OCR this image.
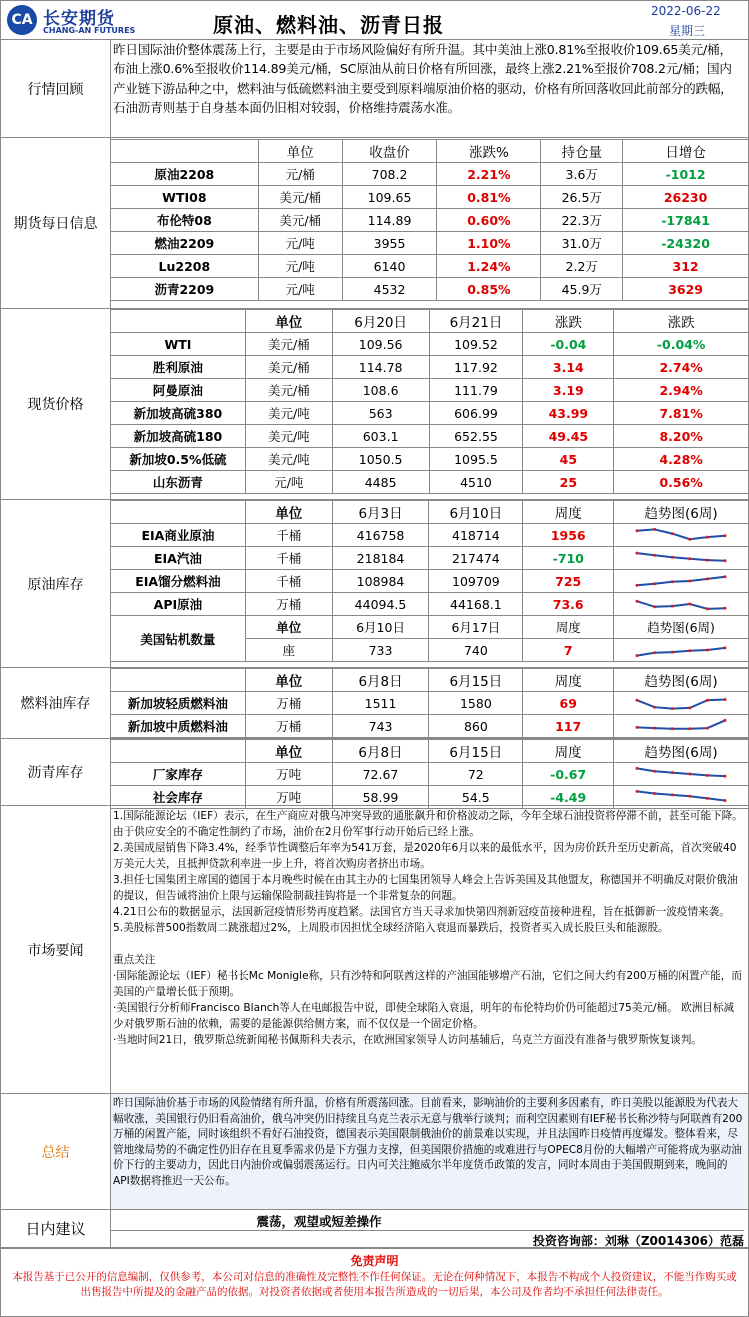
CA 长安期货
CHANG-AN FUTURES	原油、燃料油、沥青日报
2022-06-22
星期三
行情回顾
昨日国际油价整体震荡上行，主要是由于市场风险偏好有所升温。其中美油上涨0.81%至报收价109.65美元/桶，布油上涨0.6%至报收价114.89美元/桶，SC原油从前日价格有所回涨，最终上涨2.21%至报价708.2元/桶；国内产业链下游品种之中，燃料油与低硫燃料油主要受到原料端原油价格的驱动，价格有所回落收回此前部分的跌幅，石油沥青则基于自身基本面仍旧相对较弱，价格维持震荡水准。
期货每日信息
	单位	收盘价	涨跌%	持仓量	日增仓
原油2208	元/桶	708.2	2.21%	3.6万	-1012
WTI08	美元/桶	109.65	0.81%	26.5万	26230
布伦特08	美元/桶	114.89	0.60%	22.3万	-17841
燃油2209	元/吨	3955	1.10%	31.0万	-24320
Lu2208	元/吨	6140	1.24%	2.2万	312
沥青2209	元/吨	4532	0.85%	45.9万	3629
现货价格
	单位	6月20日	6月21日	涨跌	涨跌
WTI	美元/桶	109.56	109.52	-0.04	-0.04%
胜利原油	美元/桶	114.78	117.92	3.14	2.74%
阿曼原油	美元/桶	108.6	111.79	3.19	2.94%
新加坡高硫380	美元/吨	563	606.99	43.99	7.81%
新加坡高硫180	美元/吨	603.1	652.55	49.45	8.20%
新加坡0.5%低硫	美元/吨	1050.5	1095.5	45	4.28%
山东沥青	元/吨	4485	4510	25	0.56%
原油库存
	单位	6月3日	6月10日	周度	趋势图(6周)
EIA商业原油	千桶	416758	418714	1956	

EIA汽油	千桶	218184	217474	-710	

EIA馏分燃料油	千桶	108984	109709	725	

API原油	万桶	44094.5	44168.1	73.6	

美国钻机数量	单位	6月10日	6月17日	周度	趋势图(6周)
	座	733	740	7	
燃料油库存
	单位	6月8日	6月15日	周度	趋势图(6周)
新加坡轻质燃料油	万桶	1511	1580	69	

新加坡中质燃料油	万桶	743	860	117	
沥青库存
	单位	6月8日	6月15日	周度	趋势图(6周)
厂家库存	万吨	72.67	72	-0.67	

社会库存	万吨	58.99	54.5	-4.49	
市场要闻
1.国际能源论坛（IEF）表示，在生产商应对俄乌冲突导致的通胀飙升和价格波动之际，今年全球石油投资将停滞不前，甚至可能下降。由于供应安全的不确定性制约了市场，油价在2月份军事行动开始后已经上涨。
2.美国成屋销售下降3.4%，经季节性调整后年率为541万套，是2020年6月以来的最低水平，因为房价跃升至历史新高，首次突破40万美元大关，且抵押贷款利率进一步上升，将首次购房者挤出市场。
3.担任七国集团主席国的德国于本月晚些时候在由其主办的七国集团领导人峰会上告诉美国及其他盟友，称德国并不明确反对限价俄油的提议，但告诫将油价上限与运输保险制裁挂钩将是一个非常复杂的问题。
4.21日公布的数据显示，法国新冠疫情形势再度趋紧。法国官方当天寻求加快第四剂新冠疫苗接种进程，旨在抵御新一波疫情来袭。
5.美股标普500指数周二跳涨超过2%，上周股市因担忧全球经济陷入衰退而暴跌后，投资者买入成长股巨头和能源股。

重点关注
·国际能源论坛（IEF）秘书长Mc Monigle称，只有沙特和阿联酋这样的产油国能够增产石油，它们之间大约有200万桶的闲置产能，而美国的产量增长低于预期。
·美国银行分析师Francisco Blanch等人在电邮报告中说，即使全球陷入衰退，明年的布伦特均价仍可能超过75美元/桶。 欧洲目标减少对俄罗斯石油的依赖，需要的是能源供给侧方案，而不仅仅是一个固定价格。
·当地时间21日，俄罗斯总统新闻秘书佩斯科夫表示，在欧洲国家领导人访问基辅后，乌克兰方面没有准备与俄罗斯恢复谈判。
总结
昨日国际油价基于市场的风险情绪有所升温，价格有所震荡回涨。目前看来，影响油价的主要利多因素有，昨日美股以能源股为代表大幅收涨，美国银行仍旧看高油价，俄乌冲突仍旧持续且乌克兰表示无意与俄举行谈判；而利空因素则有IEF秘书长称沙特与阿联酋有200万桶的闲置产能，同时该组织不看好石油投资，德国表示美国限制俄油价的前景难以实现，并且法国昨日疫情再度爆发。整体看来，尽管地缘局势的不确定性仍旧存在且夏季需求仍是下方强力支撑，但美国限价措施的或难进行与OPEC8月份的大幅增产可能将成为驱动油价下行的主要动力，因此日内油价或偏弱震荡运行。日内可关注鲍威尔半年度货币政策的发言，同时本周由于美国假期到来，晚间的API数据将推迟一天公布。
日内建议	震荡，观望或短差操作
投资咨询部：刘琳（Z0014306）范磊
免责声明
本报告基于已公开的信息编制，仅供参考，本公司对信息的准确性及完整性不作任何保证。无论在何种情况下，本报告不构成个人投资建议，不能当作购买或出售报告中所提及的金融产品的依据。对投资者依据或者使用本报告所造成的一切后果，本公司及作者均不承担任何法律责任。
